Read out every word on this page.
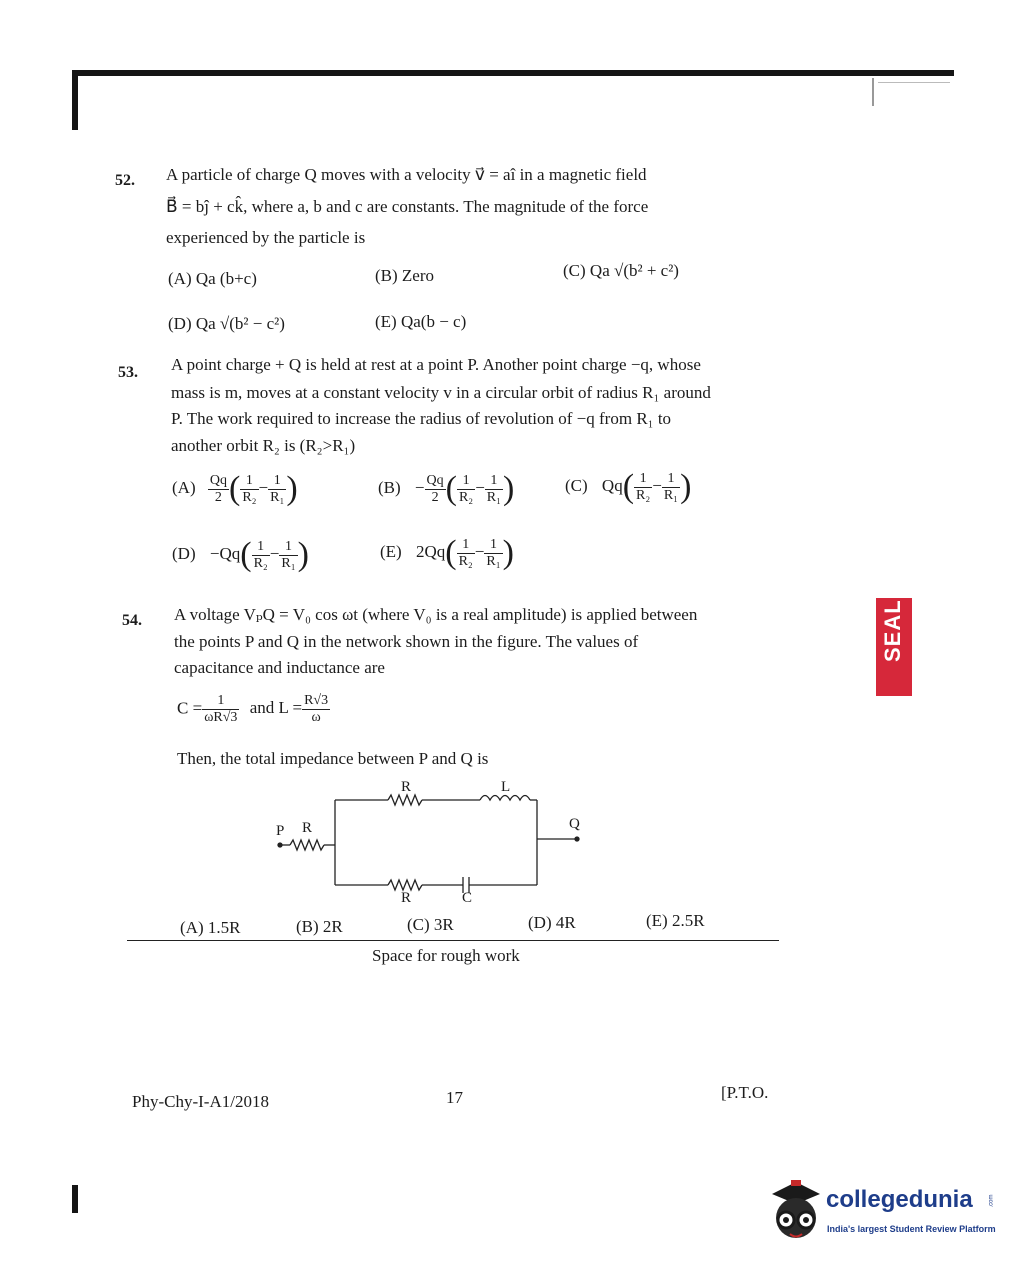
52. A particle of charge Q moves with a velocity v⃗ = aî in a magnetic field
B⃗ = bĵ + ck̂, where a, b and c are constants. The magnitude of the force
experienced by the particle is
(A) Qa (b+c)	(B) Zero	(C) Qa √(b² + c²)
(D) Qa √(b² − c²)	(E) Qa(b − c)
53. A point charge + Q is held at rest at a point P. Another point charge −q, whose
mass is m, moves at a constant velocity v in a circular orbit of radius R₁ around
P. The work required to increase the radius of revolution of −q from R₁ to
another orbit R₂ is (R₂>R₁)
$(A) \frac{Qq}{2}$ ( $\frac{1}{\text{R₂}} - \frac{1}{\text{R₁}}$ )	$(B) - \frac{Qq}{2}$ ( $\frac{1}{\text{R₂}} - \frac{1}{\text{R₁}}$ )	(C) $Qq( \frac{1}{\text{R₂}} - \frac{1}{\text{R₁}}$ )
$(D) -Qq( \frac{1}{\text{R₂}} - \frac{1}{\text{R₁}}$ )	(E) $2Qq( \frac{1}{\text{R₂}} - \frac{1}{\text{R₁}}$ )
54. A voltage VₚQ = V₀ cos ωt (where V₀ is a real amplitude) is applied between
the points P and Q in the network shown in the figure. The values of
capacitance and inductance are
$C = \frac{1}{\omega R√3}$ and $L = \frac{R√3}{\omega}$
Then, the total impedance between P and Q is
P R
R	L
Q
R	C
(A) 1.5R	(B) 2R	(C) 3R	(D) 4R	(E) 2.5R
Space for rough work
Phy-Chy-I-A1/2018	17	[P.T.O.
SEAL
collegedunia	.com
India's largest Student Review Platform
